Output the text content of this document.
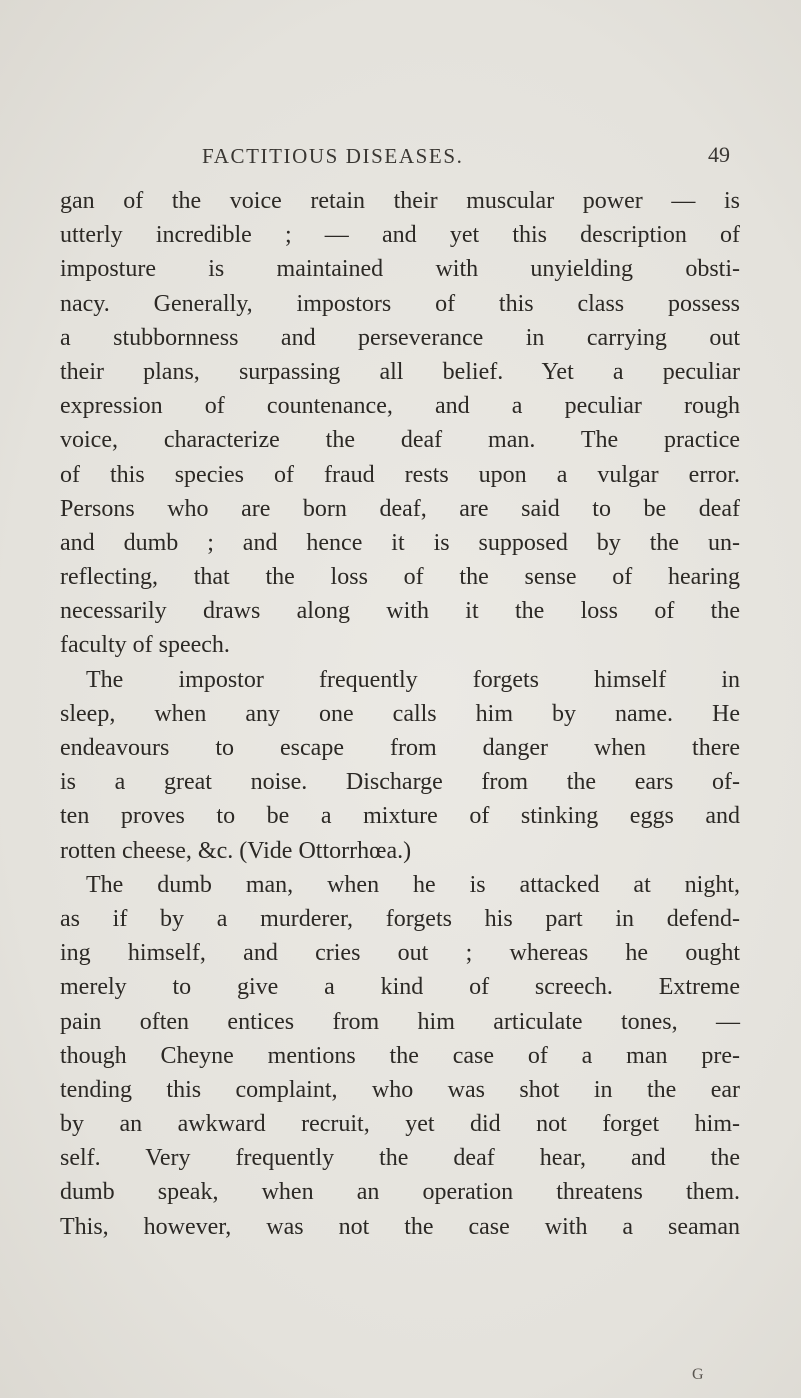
FACTITIOUS DISEASES.	49
gan of the voice retain their muscular power — is
utterly incredible ; — and yet this description of
imposture is maintained with unyielding obsti-
nacy. Generally, impostors of this class possess
a stubbornness and perseverance in carrying out
their plans, surpassing all belief. Yet a peculiar
expression of countenance, and a peculiar rough
voice, characterize the deaf man. The practice
of this species of fraud rests upon a vulgar error.
Persons who are born deaf, are said to be deaf
and dumb ; and hence it is supposed by the un-
reflecting, that the loss of the sense of hearing
necessarily draws along with it the loss of the
faculty of speech.
The impostor frequently forgets himself in
sleep, when any one calls him by name. He
endeavours to escape from danger when there
is a great noise. Discharge from the ears of-
ten proves to be a mixture of stinking eggs and
rotten cheese, &c. (Vide Ottorrhœa.)
The dumb man, when he is attacked at night,
as if by a murderer, forgets his part in defend-
ing himself, and cries out ; whereas he ought
merely to give a kind of screech. Extreme
pain often entices from him articulate tones, —
though Cheyne mentions the case of a man pre-
tending this complaint, who was shot in the ear
by an awkward recruit, yet did not forget him-
self. Very frequently the deaf hear, and the
dumb speak, when an operation threatens them.
This, however, was not the case with a seaman
G
